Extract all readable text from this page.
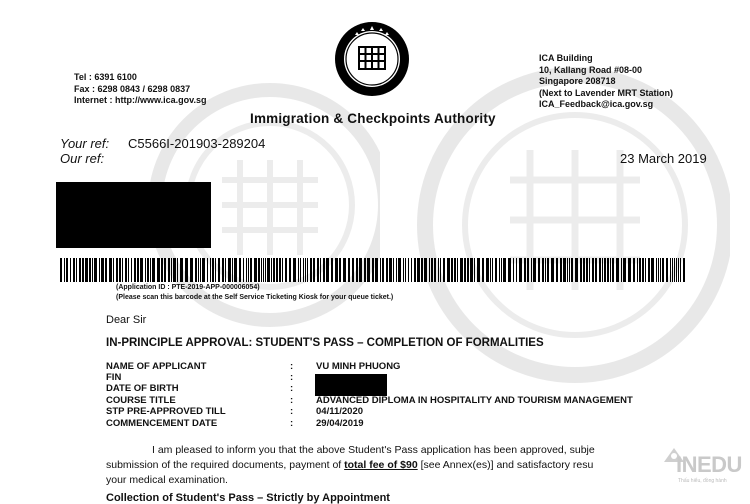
Tel : 6391 6100
Fax : 6298 0843 / 6298 0837
Internet : http://www.ica.gov.sg
ICA Building
10, Kallang Road #08-00
Singapore 208718
(Next to Lavender MRT Station)
ICA_Feedback@ica.gov.sg
Immigration & Checkpoints Authority
Your ref: C5566I-201903-289204
Our ref:	23 March 2019
(Application ID : PTE-2019-APP-000006054)
(Please scan this barcode at the Self Service Ticketing Kiosk for your queue ticket.)
Dear Sir
IN-PRINCIPLE APPROVAL: STUDENT'S PASS – COMPLETION OF FORMALITIES
NAME OF APPLICANT	: VU MINH PHUONG
FIN	:
DATE OF BIRTH	:
COURSE TITLE	: ADVANCED DIPLOMA IN HOSPITALITY AND TOURISM MANAGEMENT
STP PRE-APPROVED TILL	: 04/11/2020
COMMENCEMENT DATE	: 29/04/2019
I am pleased to inform you that the above Student's Pass application has been approved, subje
submission of the required documents, payment of total fee of $90 [see Annex(es)] and satisfactory resu
your medical examination.
Collection of Student's Pass – Strictly by Appointment
INEDU
Thấu hiểu, đồng hành
